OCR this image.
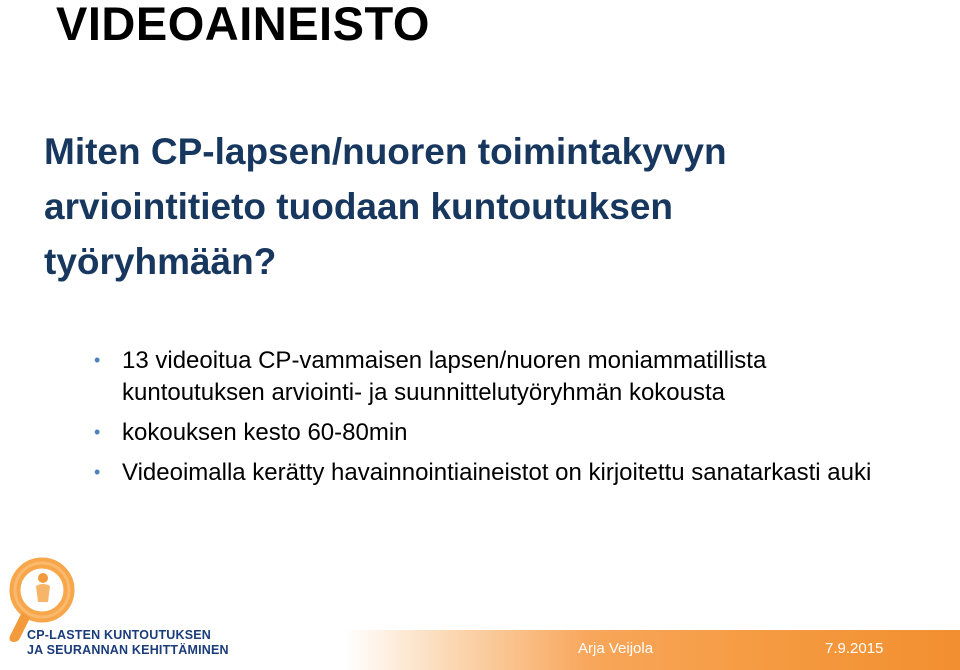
VIDEOAINEISTO
Miten CP-lapsen/nuoren toimintakyvyn arviointitieto tuodaan kuntoutuksen työryhmään?
• 13 videoitua CP-vammaisen lapsen/nuoren moniammatillista kuntoutuksen arviointi- ja suunnittelutyöryhmän kokousta
• kokouksen kesto 60-80min
• Videoimalla kerätty havainnointiaineistot on kirjoitettu sanatarkasti auki
CP-LASTEN KUNTOUTUKSEN
JA SEURANNAN KEHITTÄMINEN	Arja Veijola	7.9.2015
